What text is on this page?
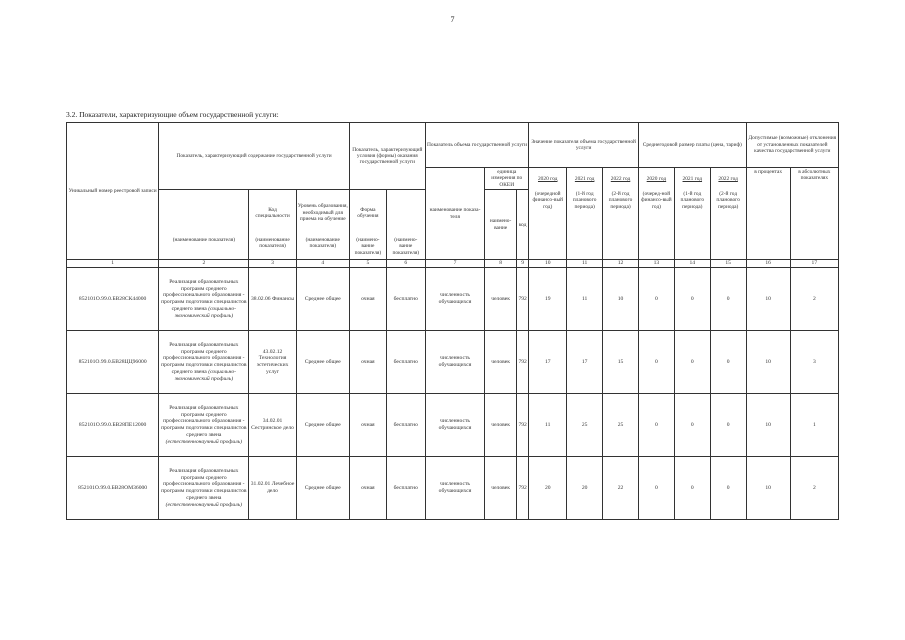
7
3.2. Показатели, характеризующие объем государственной услуги:
Уникальный номер реестровой записи	Показатель, характеризующий содержание государственной услуги			Показатель, характеризующий условия (формы) оказания государственной услуги		Показатель объема государственной услуги			Значение показателя объема государственной услуги			Среднегодовой размер платы (цена, тариф)			Допустимые (возможные) отклонения от установленных показателей качества государственной услуги	
						наименование показа-теля	единица измерения по ОКЕИ		2020 год	2021 год	2022 год	2020 год	2021 год	2022 год	в процентах	в абсолютных показателях
		Код специальности	Уровень образования, необходимый для приема на обучение	Форма обучения			наимено-вание	код	(очередной финансо-вый год)	(1-й год планового периода)	(2-й год планового периода)	(очеред-ной финансо-вый год)	(1-й год планового периода)	(2-й год планового периода)		
	(наименование показателя)	(наименование показателя)	(наименование показателя)	(наимено-вание показателя)	(наимено-вание показателя)											
1	2	3	4	5	6	7	8	9	10	11	12	13	14	15	16	17
852101О.99.0.БВ28СК44000	Реализация образовательных программ среднего профессионального образования - программ подготовки специалистов среднего звена (социально-экономический профиль)	38.02.06 Финансы	Среднее общее	очная	бесплатно	численность обучающихся	человек	792	19	11	10	0	0	0	10	2
852101О.99.0.БВ28ЦЦ96000	Реализация образовательных программ среднего профессионального образования - программ подготовки специалистов среднего звена (социально-экономический профиль)	43.02.12 Технология эстетических услуг	Среднее общее	очная	бесплатно	численность обучающихся	человек	792	17	17	15	0	0	0	10	3
852101О.99.0.БВ28ПЕ12000	Реализация образовательных программ среднего профессионального образования - программ подготовки специалистов среднего звена (естественнонаучный профиль)	34.02.01 Сестринское дело	Среднее общее	очная	бесплатно	численность обучающихся	человек	792	11	25	25	0	0	0	10	1
852101О.99.0.БВ28ОМ36000	Реализация образовательных программ среднего профессионального образования - программ подготовки специалистов среднего звена (естественнонаучный профиль)	31.02.01 Лечебное дело	Среднее общее	очная	бесплатно	численность обучающихся	человек	792	20	20	22	0	0	0	10	2
